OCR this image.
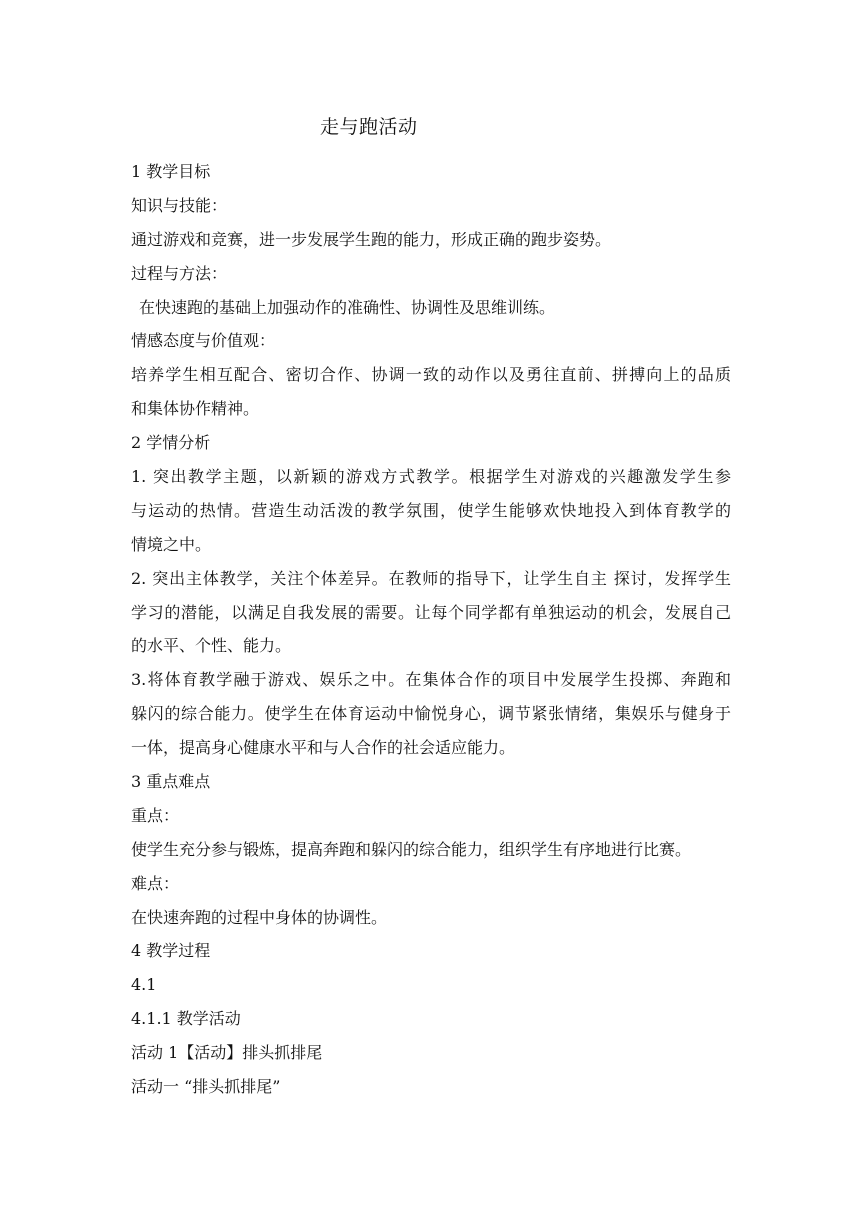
走与跑活动
1 教学目标
知识与技能：
通过游戏和竞赛，进一步发展学生跑的能力，形成正确的跑步姿势。
过程与方法：
在快速跑的基础上加强动作的准确性、协调性及思维训练。
情感态度与价值观：
培养学生相互配合、密切合作、协调一致的动作以及勇往直前、拼搏向上的品质
和集体协作精神。
2 学情分析
1. 突出教学主题，以新颖的游戏方式教学。根据学生对游戏的兴趣激发学生参
与运动的热情。营造生动活泼的教学氛围，使学生能够欢快地投入到体育教学的
情境之中。
2. 突出主体教学，关注个体差异。在教师的指导下，让学生自主 探讨，发挥学生
学习的潜能，以满足自我发展的需要。让每个同学都有单独运动的机会，发展自己
的水平、个性、能力。
3.将体育教学融于游戏、娱乐之中。在集体合作的项目中发展学生投掷、奔跑和
躲闪的综合能力。使学生在体育运动中愉悦身心，调节紧张情绪，集娱乐与健身于
一体，提高身心健康水平和与人合作的社会适应能力。
3 重点难点
重点：
使学生充分参与锻炼，提高奔跑和躲闪的综合能力，组织学生有序地进行比赛。
难点：
在快速奔跑的过程中身体的协调性。
4 教学过程
4.1
4.1.1 教学活动
活动 1【活动】排头抓排尾
活动一 “排头抓排尾”
